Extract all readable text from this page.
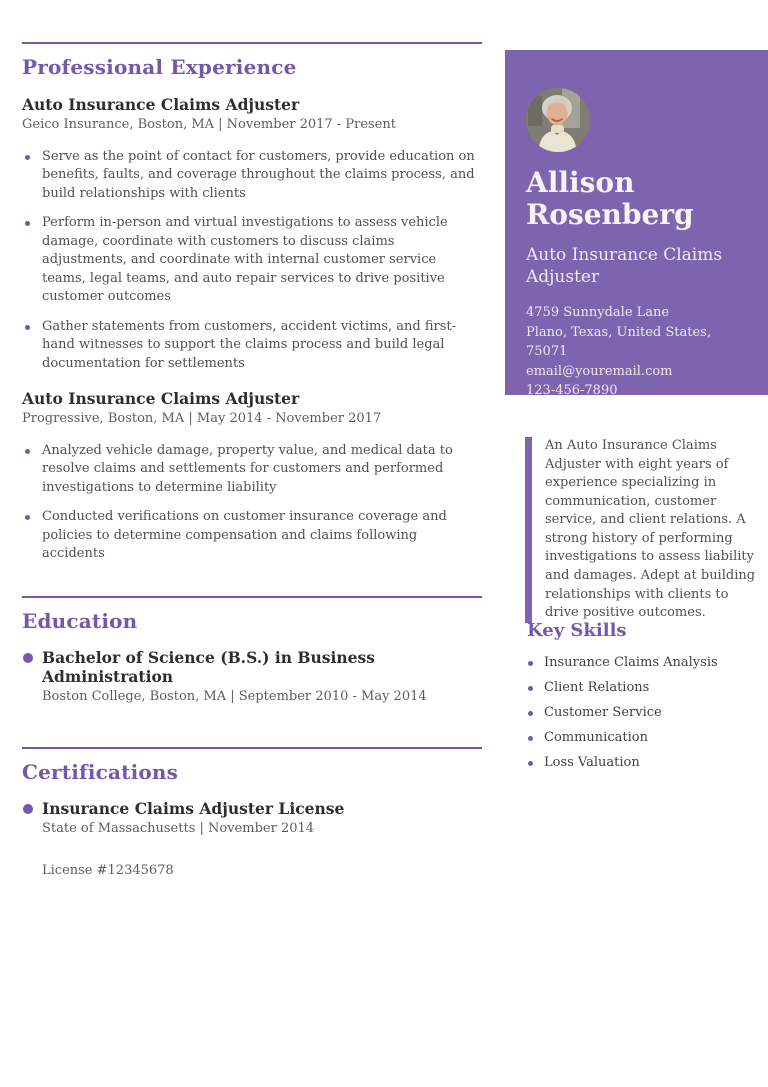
Professional Experience
Auto Insurance Claims Adjuster
Geico Insurance, Boston, MA | November 2017 - Present
Serve as the point of contact for customers, provide education on benefits, faults, and coverage throughout the claims process, and build relationships with clients
Perform in-person and virtual investigations to assess vehicle damage, coordinate with customers to discuss claims adjustments, and coordinate with internal customer service teams, legal teams, and auto repair services to drive positive customer outcomes
Gather statements from customers, accident victims, and first-hand witnesses to support the claims process and build legal documentation for settlements
Auto Insurance Claims Adjuster
Progressive, Boston, MA | May 2014 - November 2017
Analyzed vehicle damage, property value, and medical data to resolve claims and settlements for customers and performed investigations to determine liability
Conducted verifications on customer insurance coverage and policies to determine compensation and claims following accidents
Education
Bachelor of Science (B.S.) in Business Administration
Boston College, Boston, MA | September 2010 - May 2014
Certifications
Insurance Claims Adjuster License
State of Massachusetts | November 2014
License #12345678
Allison Rosenberg
Auto Insurance Claims Adjuster
4759 Sunnydale Lane
Plano, Texas, United States, 75071
email@youremail.com
123-456-7890
An Auto Insurance Claims Adjuster with eight years of experience specializing in communication, customer service, and client relations. A strong history of performing investigations to assess liability and damages. Adept at building relationships with clients to drive positive outcomes.
Key Skills
Insurance Claims Analysis
Client Relations
Customer Service
Communication
Loss Valuation
